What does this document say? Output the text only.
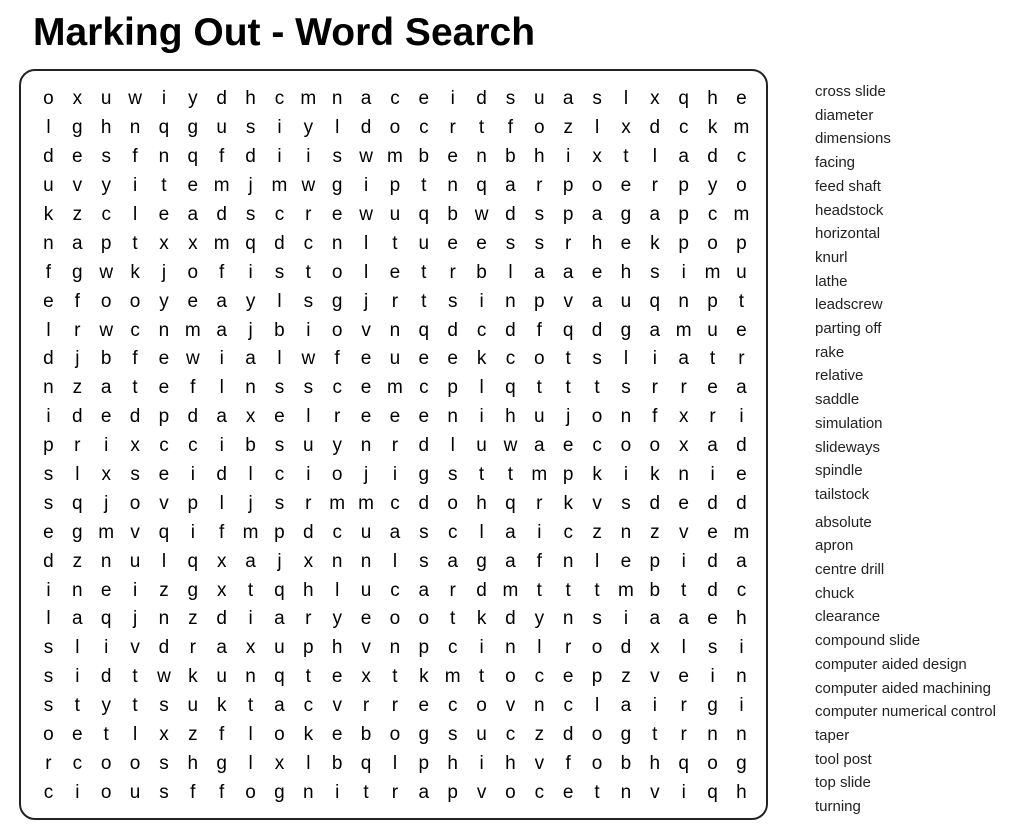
Marking Out - Word Search
o x u w	i	y d h c m n a c e	i	d s u a s	l	x q h e
l	g h n q g u s	i	y	l	d o c	r	t	f	o z	l	x d c	k m
d e s	f	n q	f	d	i	i	s w m b e n b h	i	x	t	l	a d c
u v	y	i	t	e m j m w g	i	p	t	n q a	r	p o e	r	p y o
k	z	c	l	e a d s	c	r	e w u q b w d s p a g a p c m
n a p	t	x	x m q d c n	l	t	u e e s	s	r	h e k p o p
f	g w k	j	o	f	i	s	t	o	l	e	t	r	b	l	a a e h s	i m u
e	f	o o y e a y	l	s g	j	r	t	s	i	n p v a u q n p	t
l	r w c n m a	j	b	i	o v n q d c d	f	q d g a m u e
d	j	b	f	e w	i	a	l	w	f	e u e e k	c o	t	s	l	i	a	t	r
n z a	t	e	f	l	n s	s	c e m c p	l	q	t	t	t	s	r	r	e a
i	d e d p d a x e	l	r	e e e n	i	h u	j	o n	f	x	r	i
p	r	i	x	c	c	i	b s u y n	r	d	l	u w a e c o o x a d
s	l	x	s e	i	d	l	c	i	o	j	i	g s	t	t m p k	i	k n	i	e
s q	j	o v p	l	j	s	r m m c d o h q	r	k	v	s d e d d
e g m v q	i	f m p d c u a s	c	l	a	i	c	z n z	v e m
d z n u	l	q x a	j	x n n	l	s a g a	f	n	l	e p	i	d a
i	n e	i	z g x	t	q h	l	u c a	r	d m t	t	t m b	t	d c
l	a q	j	n z d	i	a	r	y e o o	t	k d y n s	i	a a e h
s	l	i	v d	r	a x u p h v n p c	i	n	l	r	o d x	l	s	i
s	i	d	t	w k u n q	t	e x	t	k m t	o c e p z	v e	i	n
s	t	y	t	s u k	t	a c	v	r	r	e c o v n c	l	a	i	r	g	i
o e	t	l	x	z	f	l	o k e b o g s u c	z d o g	t	r	n n
r	c o o s h g	l	x	l	b q	l	p h	i	h v	f	o b h q o g
c	i	o u s	f	f	o g n	i	t	r	a p v o c e	t	n v	i	q h
cross slide
diameter
dimensions
facing
feed shaft
headstock
horizontal
knurl
lathe
leadscrew
parting off
rake
relative
saddle
simulation
slideways
spindle
tailstock
absolute
apron
centre drill
chuck
clearance
compound slide
computer aided design
computer aided machining
computer numerical control
taper
tool post
top slide
turning
